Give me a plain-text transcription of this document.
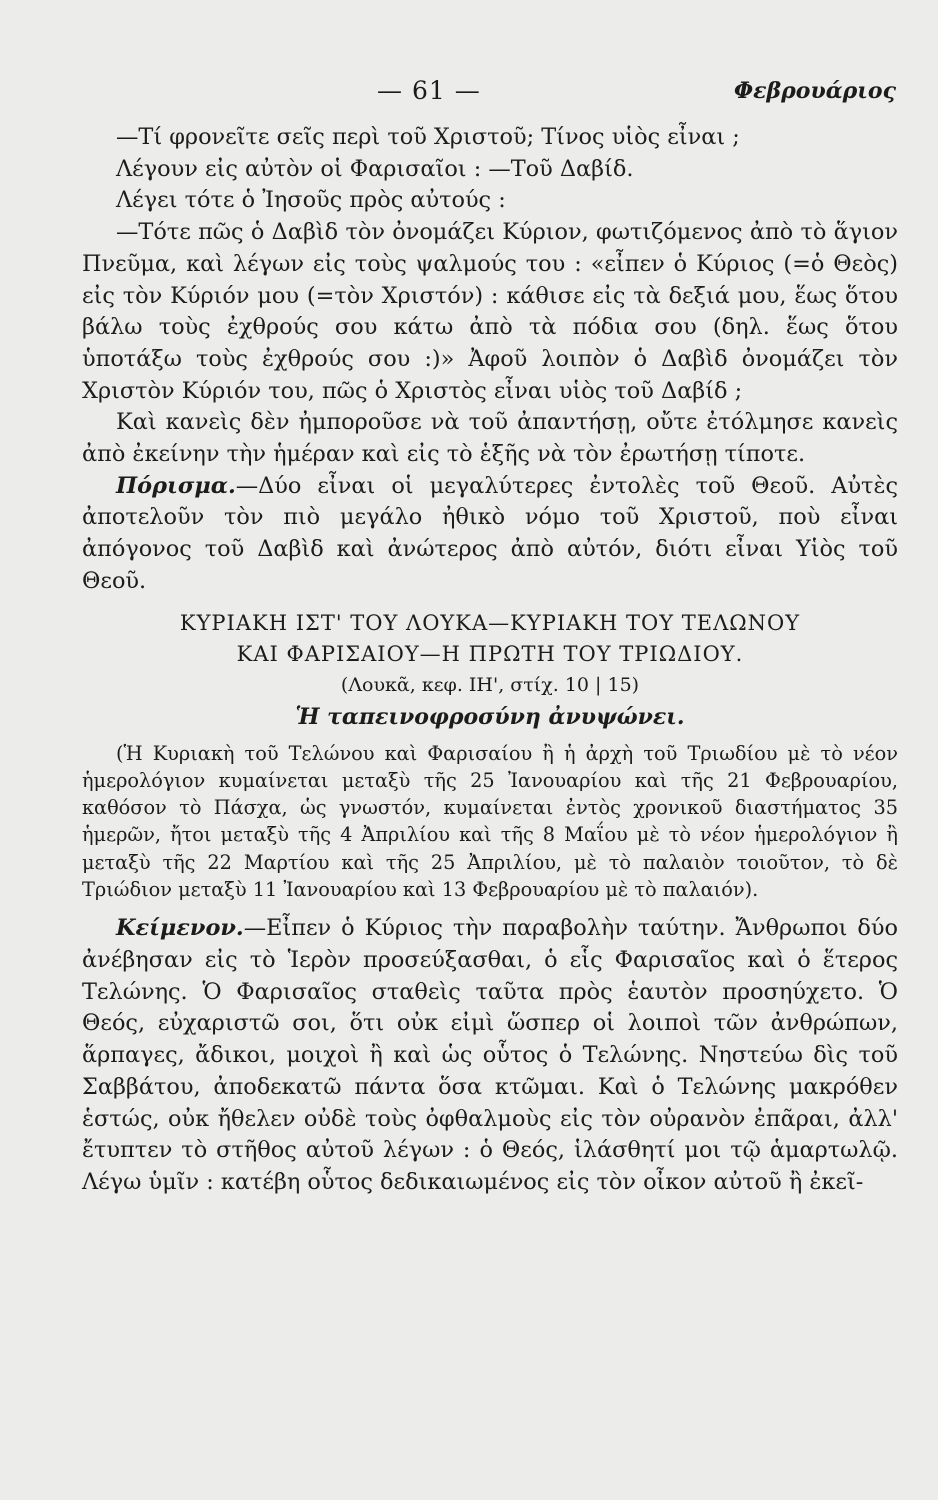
— 61 —	Φεβρουάριος

—Τί φρονεῖτε σεῖς περὶ τοῦ Χριστοῦ; Τίνος υἱὸς εἶναι ;

Λέγουν εἰς αὐτὸν οἱ Φαρισαῖοι : —Τοῦ Δαβίδ.

Λέγει τότε ὁ Ἰησοῦς πρὸς αὐτούς :

—Τότε πῶς ὁ Δαβὶδ τὸν ὀνομάζει Κύριον, φωτιζόμενος ἀπὸ τὸ ἅγιον Πνεῦμα, καὶ λέγων εἰς τοὺς ψαλμούς του : «εἶπεν ὁ Κύριος (=ὁ Θεὸς) εἰς τὸν Κύριόν μου (=τὸν Χριστόν) : κάθισε εἰς τὰ δεξιά μου, ἕως ὅτου βάλω τοὺς ἐχθρούς σου κάτω ἀπὸ τὰ πόδια σου (δηλ. ἕως ὅτου ὑποτάξω τοὺς ἐχθρούς σου :)» Ἀφοῦ λοιπὸν ὁ Δαβὶδ ὀνομάζει τὸν Χριστὸν Κύριόν του, πῶς ὁ Χριστὸς εἶναι υἱὸς τοῦ Δαβίδ ;

Καὶ κανεὶς δὲν ἠμποροῦσε νὰ τοῦ ἀπαντήσῃ, οὔτε ἐτόλμησε κανεὶς ἀπὸ ἐκείνην τὴν ἡμέραν καὶ εἰς τὸ ἑξῆς νὰ τὸν ἐρωτήσῃ τίποτε.

Πόρισμα.—Δύο εἶναι οἱ μεγαλύτερες ἐντολὲς τοῦ Θεοῦ. Αὐτὲς ἀποτελοῦν τὸν πιὸ μεγάλο ἠθικὸ νόμο τοῦ Χριστοῦ, ποὺ εἶναι ἀπόγονος τοῦ Δαβὶδ καὶ ἀνώτερος ἀπὸ αὐτόν, διότι εἶναι Υἱὸς τοῦ Θεοῦ.

ΚΥΡΙΑΚΗ ΙΣΤ' ΤΟΥ ΛΟΥΚΑ—ΚΥΡΙΑΚΗ ΤΟΥ ΤΕΛΩΝΟΥ
ΚΑΙ ΦΑΡΙΣΑΙΟΥ—Η ΠΡΩΤΗ ΤΟΥ ΤΡΙΩΔΙΟΥ.

(Λουκᾶ, κεφ. ΙΗ', στίχ. 10 | 15)

Ἡ ταπεινοφροσύνη ἀνυψώνει.

(Ἡ Κυριακὴ τοῦ Τελώνου καὶ Φαρισαίου ἢ ἡ ἀρχὴ τοῦ Τριωδίου μὲ τὸ νέον ἡμερολόγιον κυμαίνεται μεταξὺ τῆς 25 Ἰανουαρίου καὶ τῆς 21 Φεβρουαρίου, καθόσον τὸ Πάσχα, ὡς γνωστόν, κυμαίνεται ἐντὸς χρονικοῦ διαστήματος 35 ἡμερῶν, ἤτοι μεταξὺ τῆς 4 Ἀπριλίου καὶ τῆς 8 Μαΐου μὲ τὸ νέον ἡμερολόγιον ἢ μεταξὺ τῆς 22 Μαρτίου καὶ τῆς 25 Ἀπριλίου, μὲ τὸ παλαιὸν τοιοῦτον, τὸ δὲ Τριώδιον μεταξὺ 11 Ἰανουαρίου καὶ 13 Φεβρουαρίου μὲ τὸ παλαιόν).

Κείμενον.—Εἶπεν ὁ Κύριος τὴν παραβολὴν ταύτην. Ἄνθρωποι δύο ἀνέβησαν εἰς τὸ Ἱερὸν προσεύξασθαι, ὁ εἷς Φαρισαῖος καὶ ὁ ἕτερος Τελώνης. Ὁ Φαρισαῖος σταθεὶς ταῦτα πρὸς ἑαυτὸν προσηύχετο. Ὁ Θεός, εὐχαριστῶ σοι, ὅτι οὐκ εἰμὶ ὥσπερ οἱ λοιποὶ τῶν ἀνθρώπων, ἅρπαγες, ἄδικοι, μοιχοὶ ἢ καὶ ὡς οὗτος ὁ Τελώνης. Νηστεύω δὶς τοῦ Σαββάτου, ἀποδεκατῶ πάντα ὅσα κτῶμαι. Καὶ ὁ Τελώνης μακρόθεν ἑστώς, οὐκ ἤθελεν οὐδὲ τοὺς ὀφθαλμοὺς εἰς τὸν οὐρανὸν ἐπᾶραι, ἀλλ' ἔτυπτεν τὸ στῆθος αὐτοῦ λέγων : ὁ Θεός, ἱλάσθητί μοι τῷ ἁμαρτωλῷ. Λέγω ὑμῖν : κατέβη οὗτος δεδικαιωμένος εἰς τὸν οἶκον αὐτοῦ ἢ ἐκεῖ-
